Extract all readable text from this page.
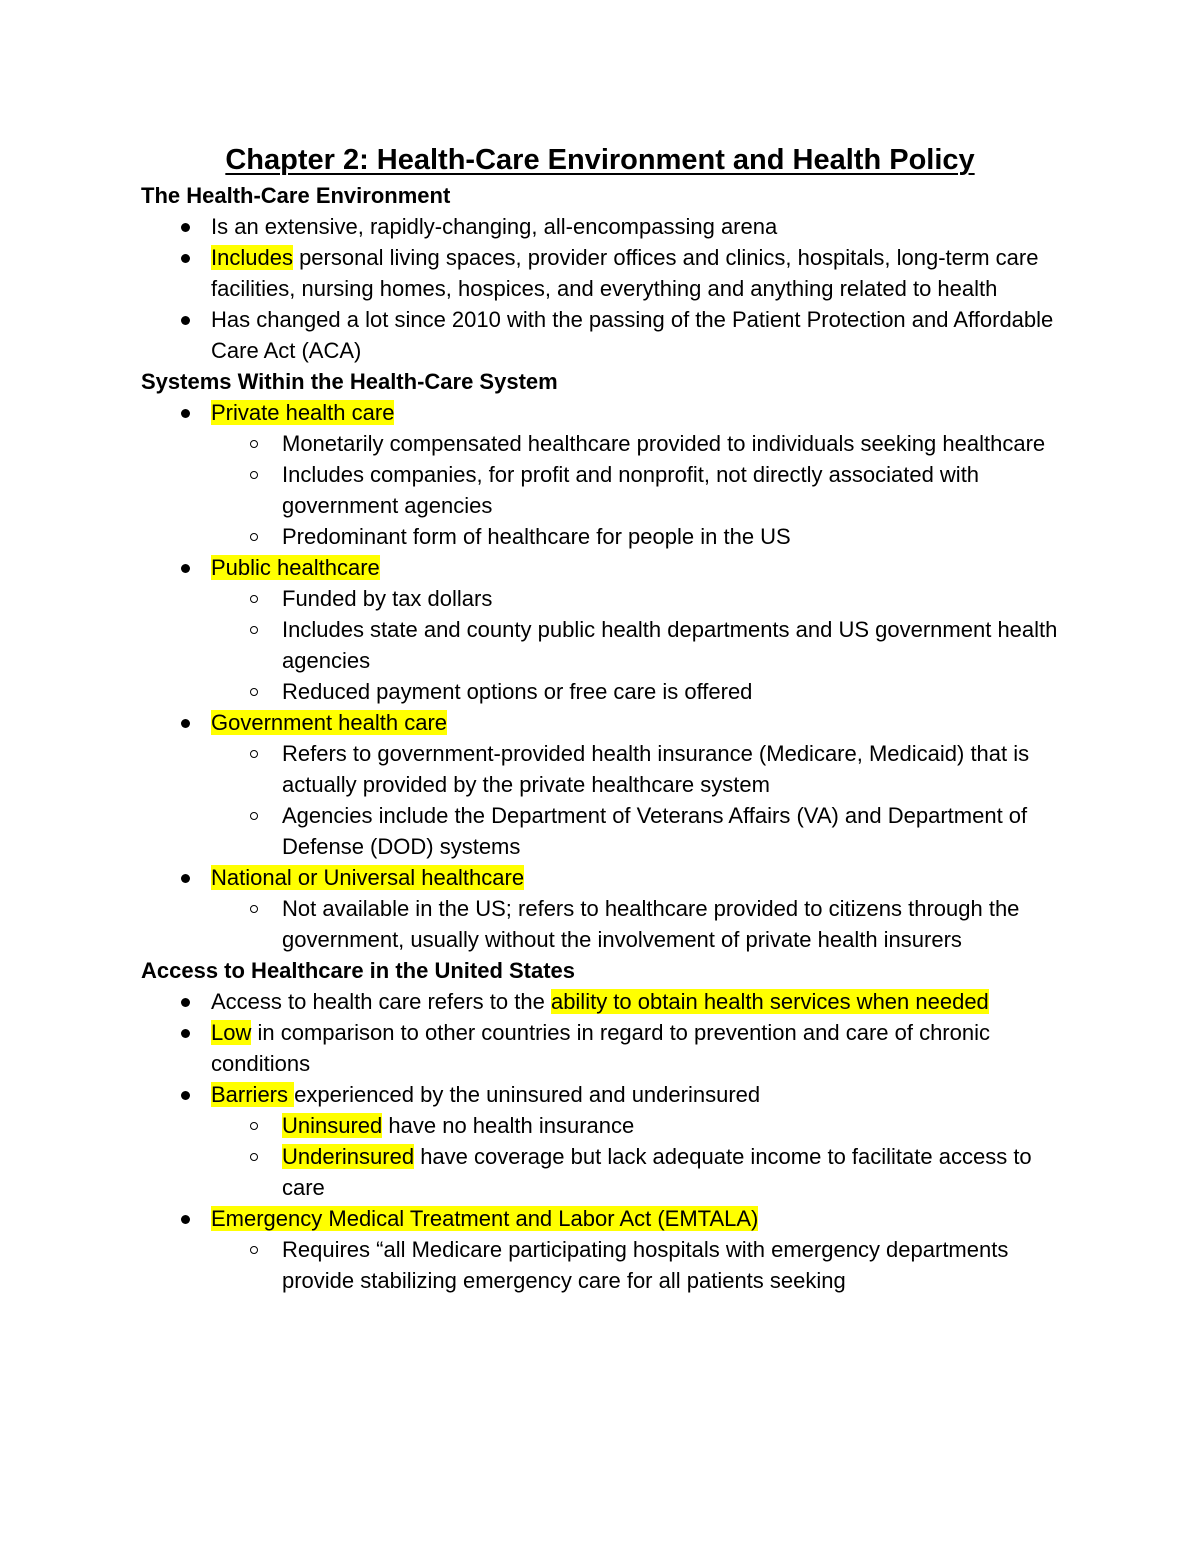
Chapter 2: Health-Care Environment and Health Policy
The Health-Care Environment
Is an extensive, rapidly-changing, all-encompassing arena
Includes personal living spaces, provider offices and clinics, hospitals, long-term care facilities, nursing homes, hospices, and everything and anything related to health
Has changed a lot since 2010 with the passing of the Patient Protection and Affordable Care Act (ACA)
Systems Within the Health-Care System
Private health care
Monetarily compensated healthcare provided to individuals seeking healthcare
Includes companies, for profit and nonprofit, not directly associated with government agencies
Predominant form of healthcare for people in the US
Public healthcare
Funded by tax dollars
Includes state and county public health departments and US government health agencies
Reduced payment options or free care is offered
Government health care
Refers to government-provided health insurance (Medicare, Medicaid) that is actually provided by the private healthcare system
Agencies include the Department of Veterans Affairs (VA) and Department of Defense (DOD) systems
National or Universal healthcare
Not available in the US; refers to healthcare provided to citizens through the government, usually without the involvement of private health insurers
Access to Healthcare in the United States
Access to health care refers to the ability to obtain health services when needed
Low in comparison to other countries in regard to prevention and care of chronic conditions
Barriers experienced by the uninsured and underinsured
Uninsured have no health insurance
Underinsured have coverage but lack adequate income to facilitate access to care
Emergency Medical Treatment and Labor Act (EMTALA)
Requires “all Medicare participating hospitals with emergency departments provide stabilizing emergency care for all patients seeking
